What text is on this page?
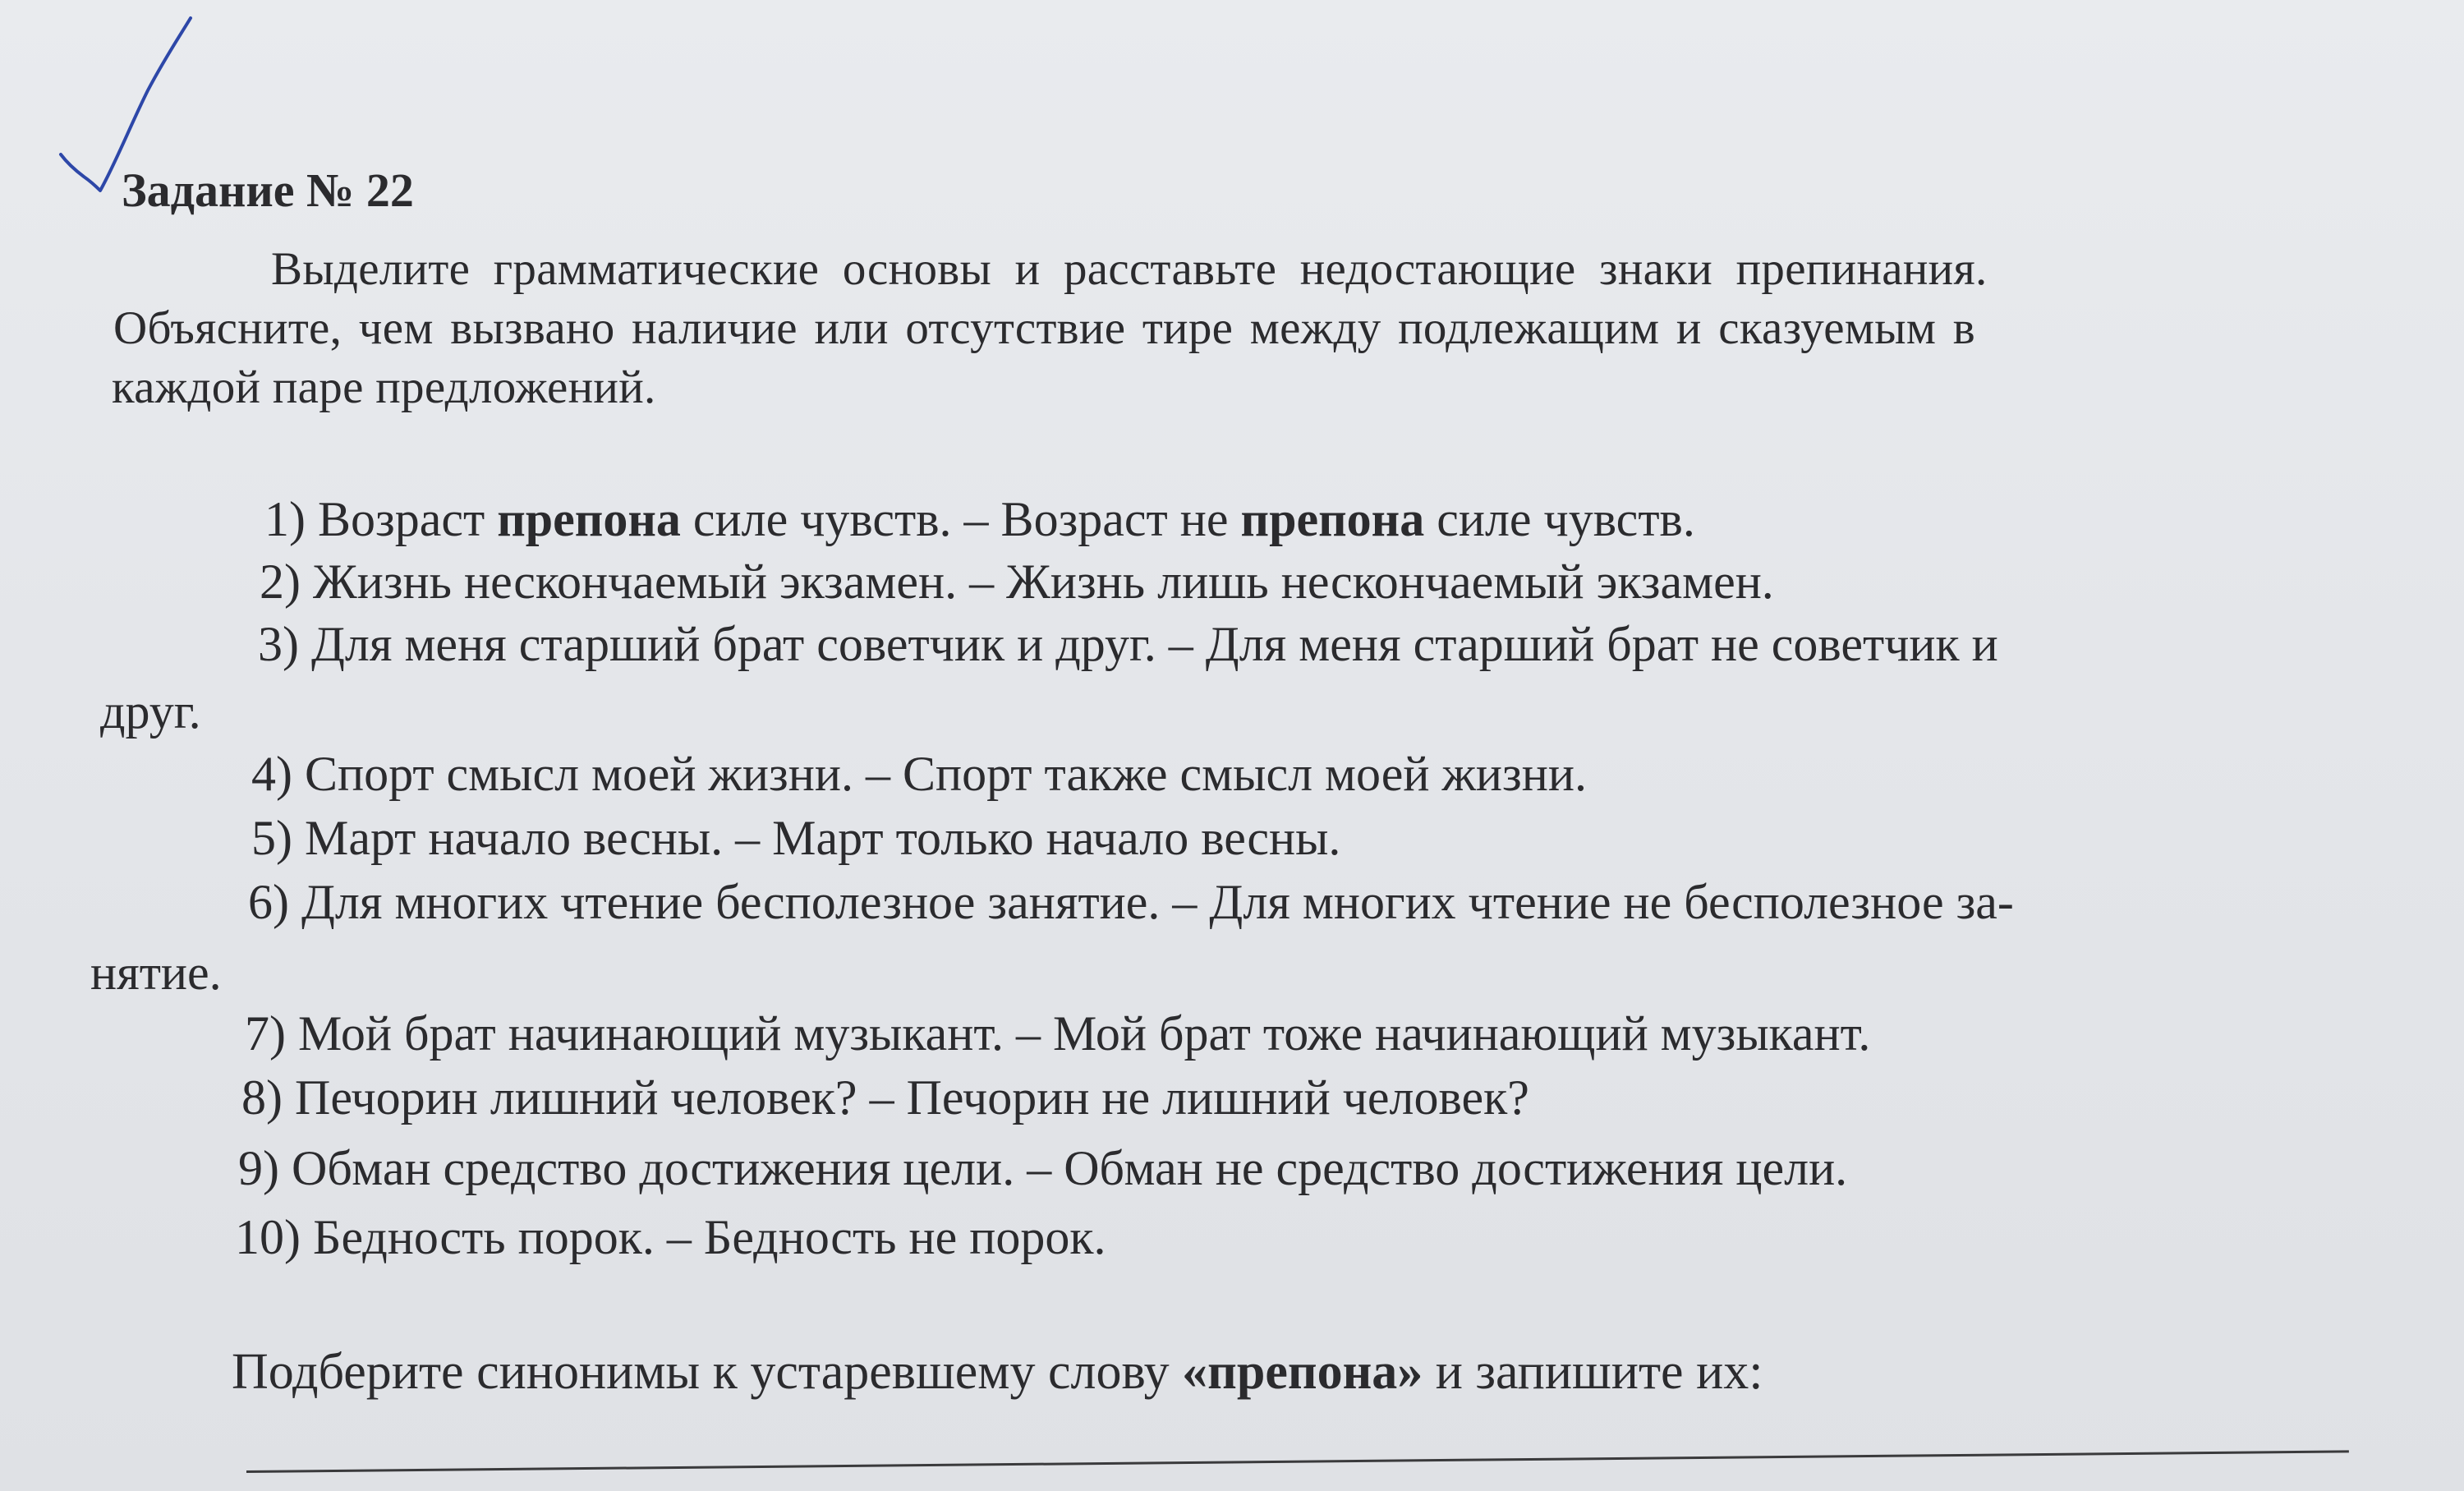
Задание № 22
Выделите грамматические основы и расставьте недостающие знаки препинания.
Объясните, чем вызвано наличие или отсутствие тире между подлежащим и сказуемым в
каждой паре предложений.
1) Возраст препона силе чувств. – Возраст не препона силе чувств.
2) Жизнь нескончаемый экзамен. – Жизнь лишь нескончаемый экзамен.
3) Для меня старший брат советчик и друг. – Для меня старший брат не советчик и
друг.
4) Спорт смысл моей жизни. – Спорт также смысл моей жизни.
5) Март начало весны. – Март только начало весны.
6) Для многих чтение бесполезное занятие. – Для многих чтение не бесполезное за-
нятие.
7) Мой брат начинающий музыкант. – Мой брат тоже начинающий музыкант.
8) Печорин лишний человек? – Печорин не лишний человек?
9) Обман средство достижения цели. – Обман не средство достижения цели.
10) Бедность порок. – Бедность не порок.
Подберите синонимы к устаревшему слову «препона» и запишите их:
